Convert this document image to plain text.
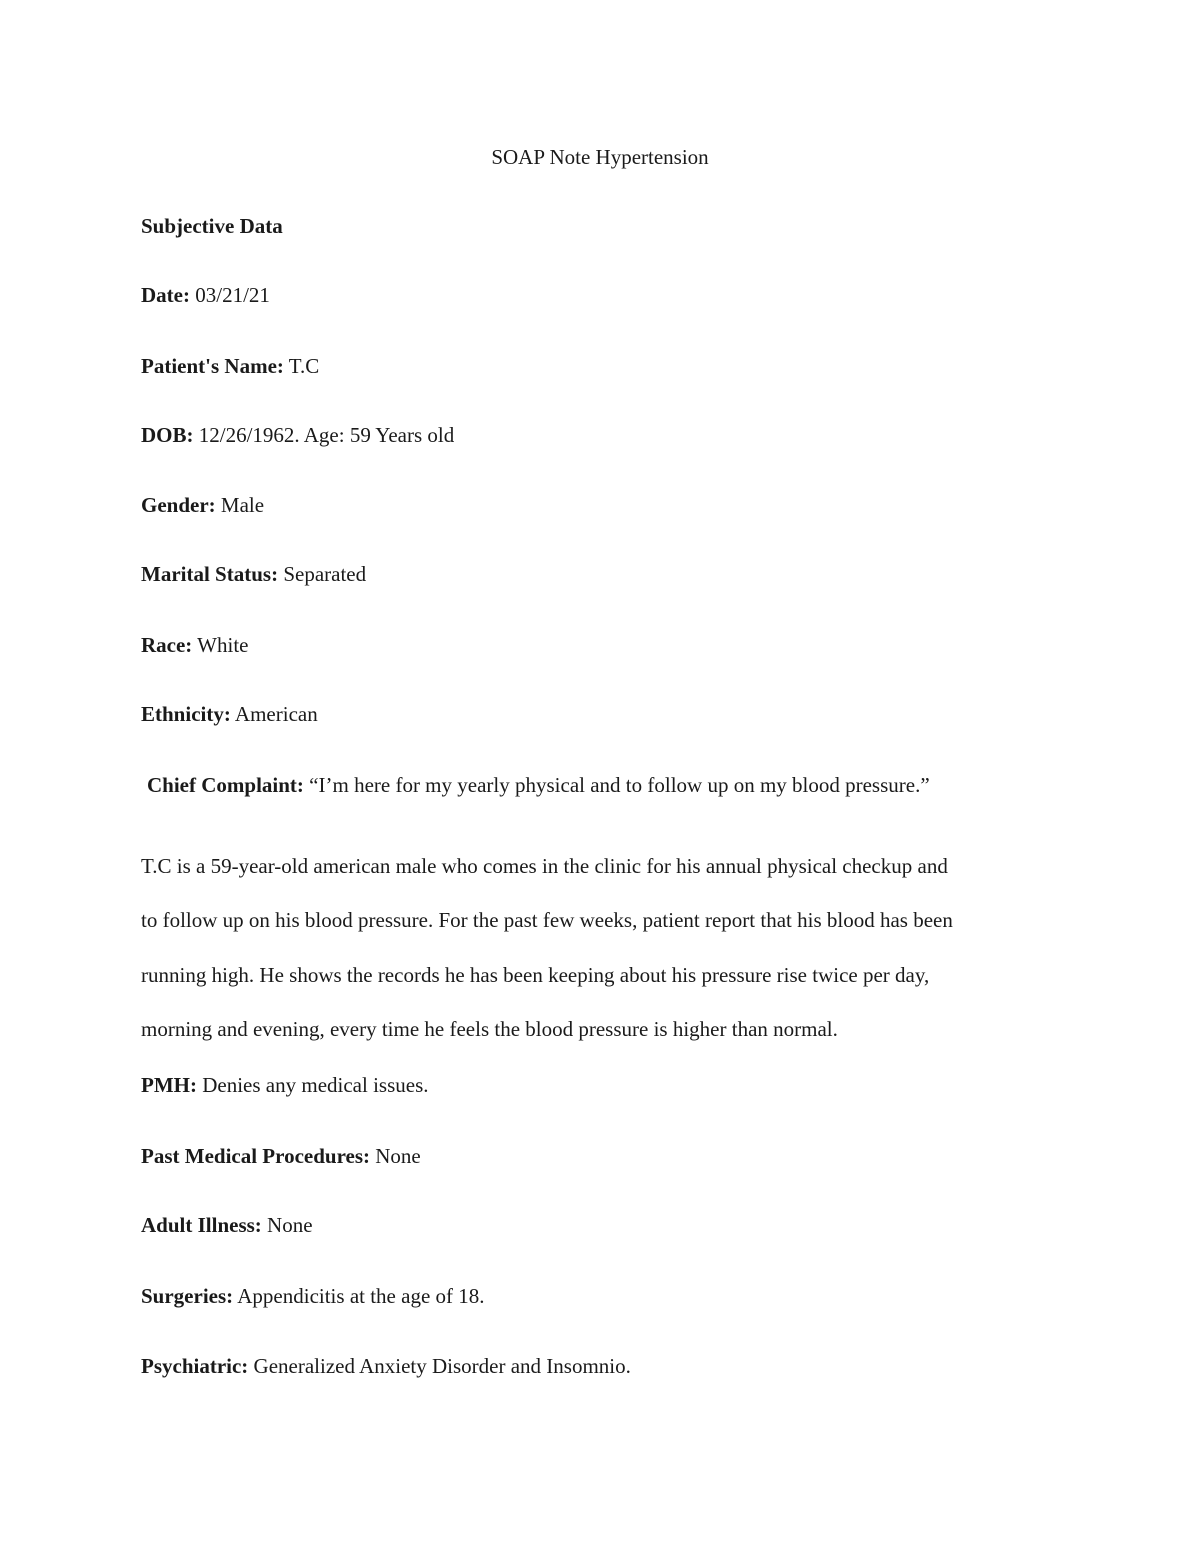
SOAP Note Hypertension
Subjective Data
Date: 03/21/21
Patient's Name: T.C
DOB: 12/26/1962. Age: 59 Years old
Gender: Male
Marital Status: Separated
Race: White
Ethnicity: American
Chief Complaint: “I’m here for my yearly physical and to follow up on my blood pressure.”
T.C is a 59-year-old american male who comes in the clinic for his annual physical checkup and
to follow up on his blood pressure. For the past few weeks, patient report that his blood has been
running high. He shows the records he has been keeping about his pressure rise twice per day,
morning and evening, every time he feels the blood pressure is higher than normal.
PMH: Denies any medical issues.
Past Medical Procedures: None
Adult Illness: None
Surgeries: Appendicitis at the age of 18.
Psychiatric: Generalized Anxiety Disorder and Insomnio.
